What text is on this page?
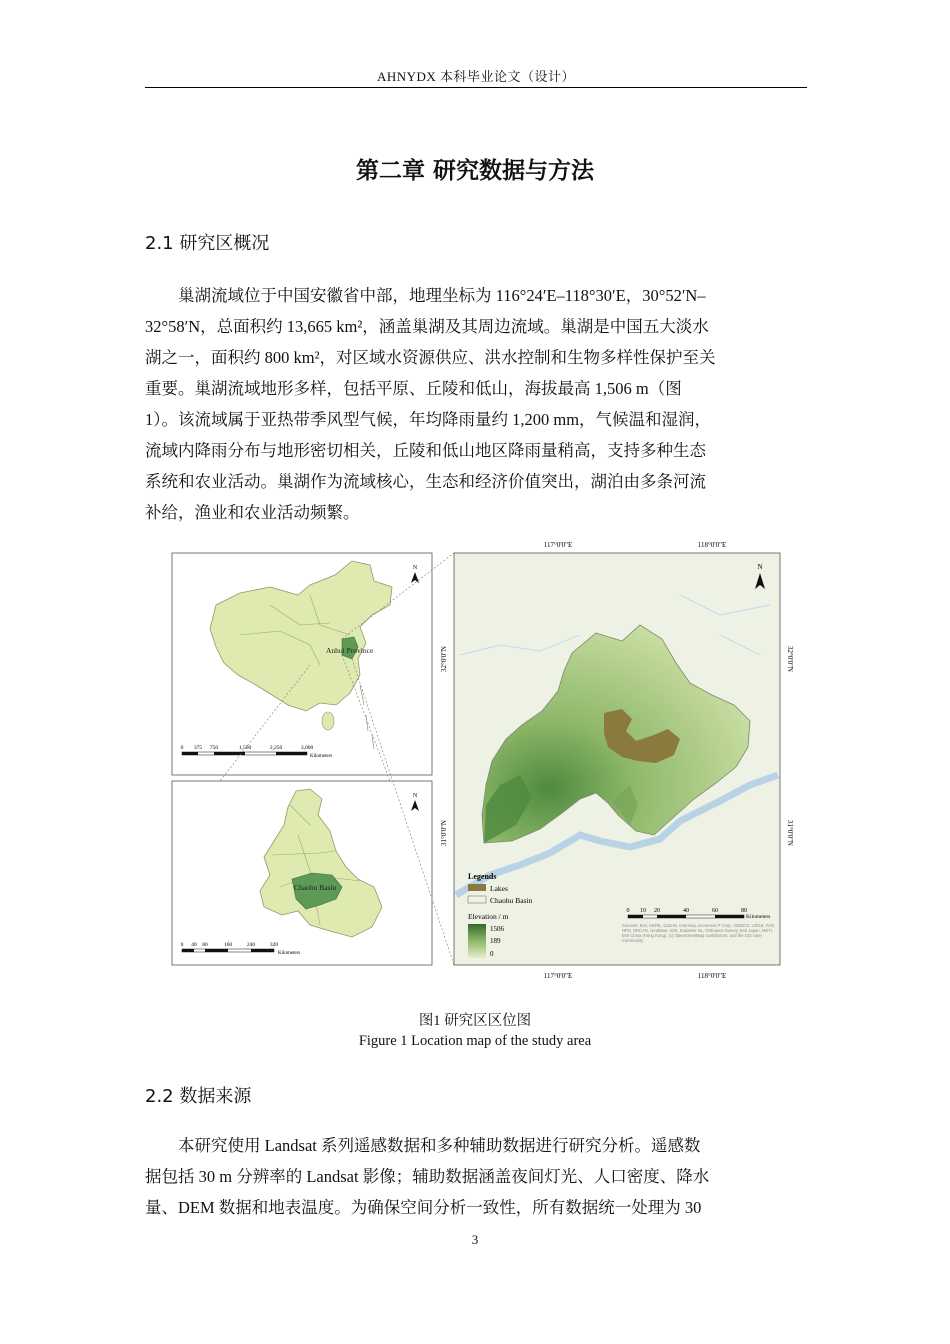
AHNYDX 本科毕业论文（设计）
第二章 研究数据与方法
2.1 研究区概况
巢湖流域位于中国安徽省中部，地理坐标为 116°24′E–118°30′E，30°52′N–
32°58′N，总面积约 13,665 km²，涵盖巢湖及其周边流域。巢湖是中国五大淡水
湖之一，面积约 800 km²，对区域水资源供应、洪水控制和生物多样性保护至关
重要。巢湖流域地形多样，包括平原、丘陵和低山，海拔最高 1,506 m（图
1）。该流域属于亚热带季风型气候，年均降雨量约 1,200 mm，气候温和湿润，
流域内降雨分布与地形密切相关，丘陵和低山地区降雨量稍高，支持多种生态
系统和农业活动。巢湖作为流域核心，生态和经济价值突出，湖泊由多条河流
补给，渔业和农业活动频繁。
Anhui Province
N
0 375 750	1,500	2,250	3,000
Kilometers
Chaohu Basin
N
0 40 80	160	240	320
Kilometers
117°0'0"E	118°0'0"E
117°0'0"E	118°0'0"E
32°0'0"N
31°0'0"N
32°0'0"N
31°0'0"N
N
Legends
Lakes
Chaohu Basin
Elevation / m
1506
189
0
0 10 20	40	60	80
Kilometers
Sources: Esri, HERE, Garmin, Intermap, increment P Corp., GEBCO, USGS, FAO, NPS, NRCAN, GeoBase, IGN, Kadaster NL, Ordnance Survey, Esri Japan, METI, Esri China (Hong Kong), (c) OpenStreetMap contributors, and the GIS User Community
图1 研究区区位图
Figure 1 Location map of the study area
2.2 数据来源
本研究使用 Landsat 系列遥感数据和多种辅助数据进行研究分析。遥感数
据包括 30 m 分辨率的 Landsat 影像；辅助数据涵盖夜间灯光、人口密度、降水
量、DEM 数据和地表温度。为确保空间分析一致性，所有数据统一处理为 30
3
